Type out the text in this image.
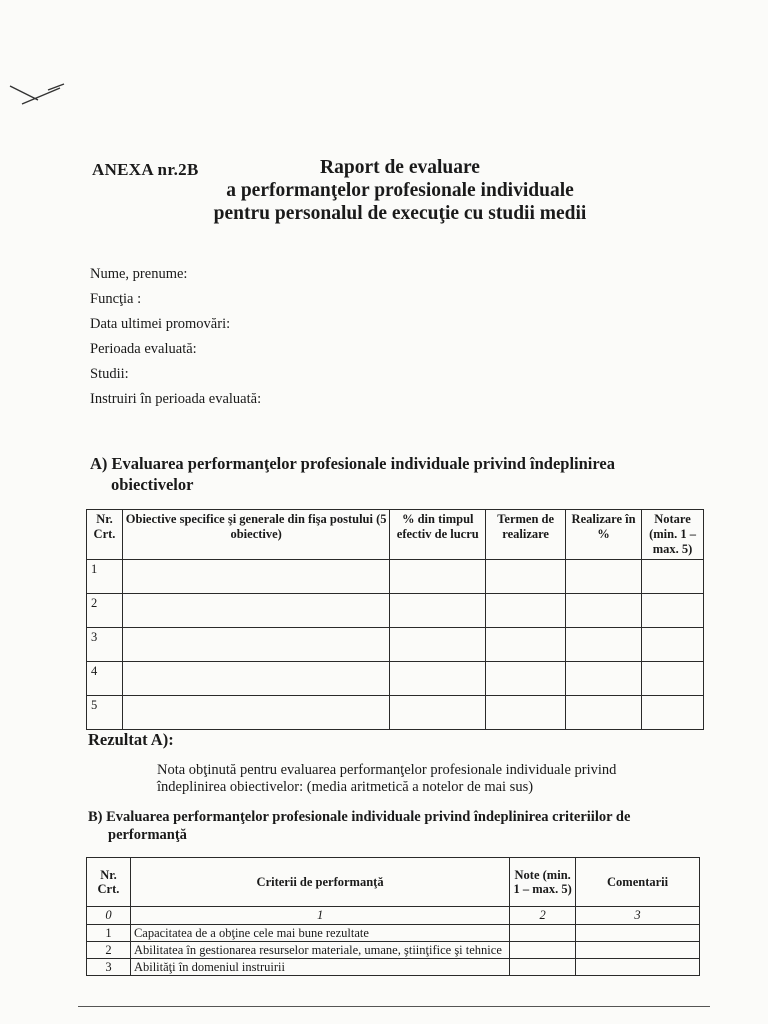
ANEXA nr.2B	Raport de evaluare
a performanţelor profesionale individuale
pentru personalul de execuţie cu studii medii
Nume, prenume:
Funcţia :
Data ultimei promovări:
Perioada evaluată:
Studii:
Instruiri în perioada evaluată:
A) Evaluarea performanţelor profesionale individuale privind îndeplinirea
obiectivelor
Nr. Crt.	Obiective specifice şi generale din fişa postului (5 obiective)	% din timpul efectiv de lucru	Termen de realizare	Realizare în %	Notare (min. 1 – max. 5)
1					
2					
3					
4					
5					
Rezultat A):
Nota obţinută pentru evaluarea performanţelor profesionale individuale privind
îndeplinirea obiectivelor: (media aritmetică a notelor de mai sus)
B) Evaluarea performanţelor profesionale individuale privind îndeplinirea criteriilor de
performanţă
Nr. Crt.	Criterii de performanţă	Note (min. 1 – max. 5)	Comentarii
0	1	2	3
1	Capacitatea de a obţine cele mai bune rezultate		
2	Abilitatea în gestionarea resurselor materiale, umane, ştiinţifice şi tehnice		
3	Abilităţi în domeniul instruirii		
